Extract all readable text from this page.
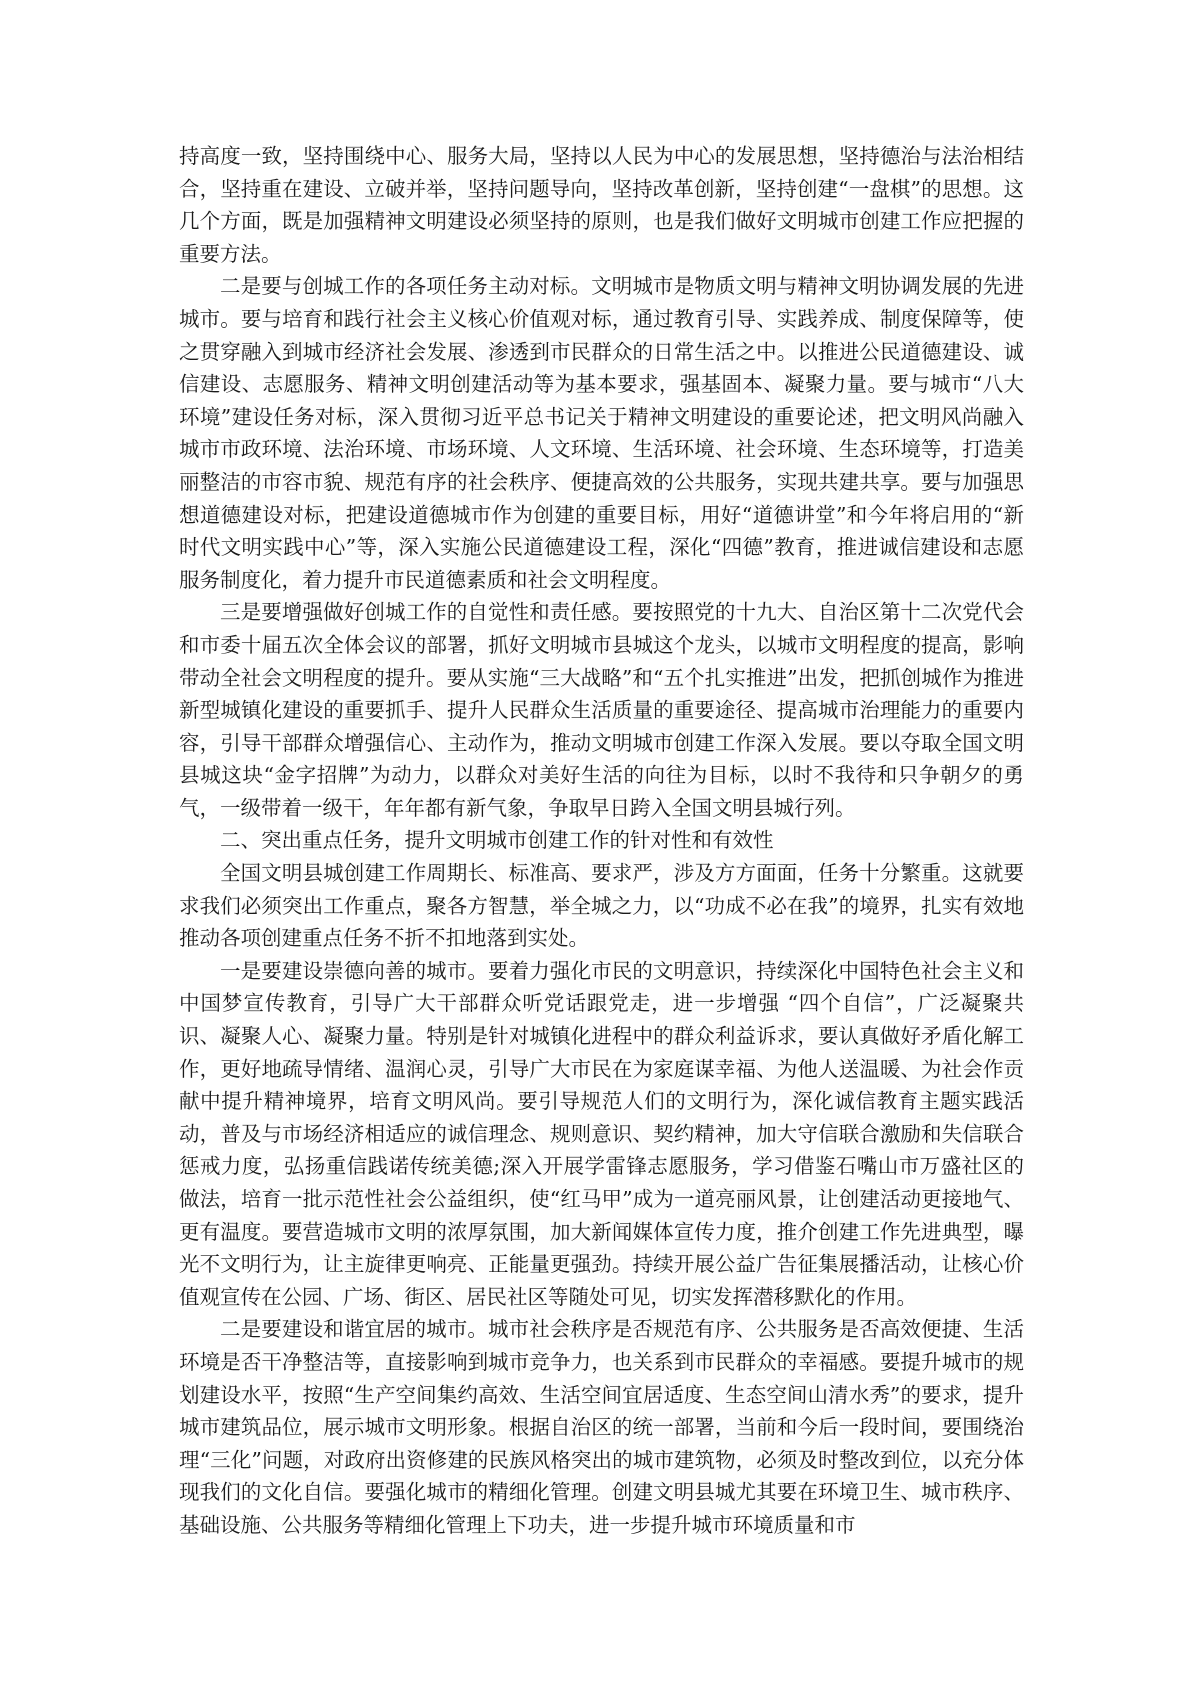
持高度一致，坚持围绕中心、服务大局，坚持以人民为中心的发展思想，坚持德治与法治相结合，坚持重在建设、立破并举，坚持问题导向，坚持改革创新，坚持创建“一盘棋”的思想。这几个方面，既是加强精神文明建设必须坚持的原则，也是我们做好文明城市创建工作应把握的重要方法。

二是要与创城工作的各项任务主动对标。文明城市是物质文明与精神文明协调发展的先进城市。要与培育和践行社会主义核心价值观对标，通过教育引导、实践养成、制度保障等，使之贯穿融入到城市经济社会发展、渗透到市民群众的日常生活之中。以推进公民道德建设、诚信建设、志愿服务、精神文明创建活动等为基本要求，强基固本、凝聚力量。要与城市“八大环境”建设任务对标，深入贯彻习近平总书记关于精神文明建设的重要论述，把文明风尚融入城市市政环境、法治环境、市场环境、人文环境、生活环境、社会环境、生态环境等，打造美丽整洁的市容市貌、规范有序的社会秩序、便捷高效的公共服务，实现共建共享。要与加强思想道德建设对标，把建设道德城市作为创建的重要目标，用好“道德讲堂”和今年将启用的“新时代文明实践中心”等，深入实施公民道德建设工程，深化“四德”教育，推进诚信建设和志愿服务制度化，着力提升市民道德素质和社会文明程度。

三是要增强做好创城工作的自觉性和责任感。要按照党的十九大、自治区第十二次党代会和市委十届五次全体会议的部署，抓好文明城市县城这个龙头，以城市文明程度的提高，影响带动全社会文明程度的提升。要从实施“三大战略”和“五个扎实推进”出发，把抓创城作为推进新型城镇化建设的重要抓手、提升人民群众生活质量的重要途径、提高城市治理能力的重要内容，引导干部群众增强信心、主动作为，推动文明城市创建工作深入发展。要以夺取全国文明县城这块“金字招牌”为动力，以群众对美好生活的向往为目标，以时不我待和只争朝夕的勇气，一级带着一级干，年年都有新气象，争取早日跨入全国文明县城行列。

二、突出重点任务，提升文明城市创建工作的针对性和有效性

全国文明县城创建工作周期长、标准高、要求严，涉及方方面面，任务十分繁重。这就要求我们必须突出工作重点，聚各方智慧，举全城之力，以“功成不必在我”的境界，扎实有效地推动各项创建重点任务不折不扣地落到实处。

一是要建设崇德向善的城市。要着力强化市民的文明意识，持续深化中国特色社会主义和中国梦宣传教育，引导广大干部群众听党话跟党走，进一步增强 “四个自信”，广泛凝聚共识、凝聚人心、凝聚力量。特别是针对城镇化进程中的群众利益诉求，要认真做好矛盾化解工作，更好地疏导情绪、温润心灵，引导广大市民在为家庭谋幸福、为他人送温暖、为社会作贡献中提升精神境界，培育文明风尚。要引导规范人们的文明行为，深化诚信教育主题实践活动，普及与市场经济相适应的诚信理念、规则意识、契约精神，加大守信联合激励和失信联合惩戒力度，弘扬重信践诺传统美德;深入开展学雷锋志愿服务，学习借鉴石嘴山市万盛社区的做法，培育一批示范性社会公益组织，使“红马甲”成为一道亮丽风景，让创建活动更接地气、更有温度。要营造城市文明的浓厚氛围，加大新闻媒体宣传力度，推介创建工作先进典型，曝光不文明行为，让主旋律更响亮、正能量更强劲。持续开展公益广告征集展播活动，让核心价值观宣传在公园、广场、街区、居民社区等随处可见，切实发挥潜移默化的作用。

二是要建设和谐宜居的城市。城市社会秩序是否规范有序、公共服务是否高效便捷、生活环境是否干净整洁等，直接影响到城市竞争力，也关系到市民群众的幸福感。要提升城市的规划建设水平，按照“生产空间集约高效、生活空间宜居适度、生态空间山清水秀”的要求，提升城市建筑品位，展示城市文明形象。根据自治区的统一部署，当前和今后一段时间，要围绕治理“三化”问题，对政府出资修建的民族风格突出的城市建筑物，必须及时整改到位，以充分体现我们的文化自信。要强化城市的精细化管理。创建文明县城尤其要在环境卫生、城市秩序、基础设施、公共服务等精细化管理上下功夫，进一步提升城市环境质量和市
